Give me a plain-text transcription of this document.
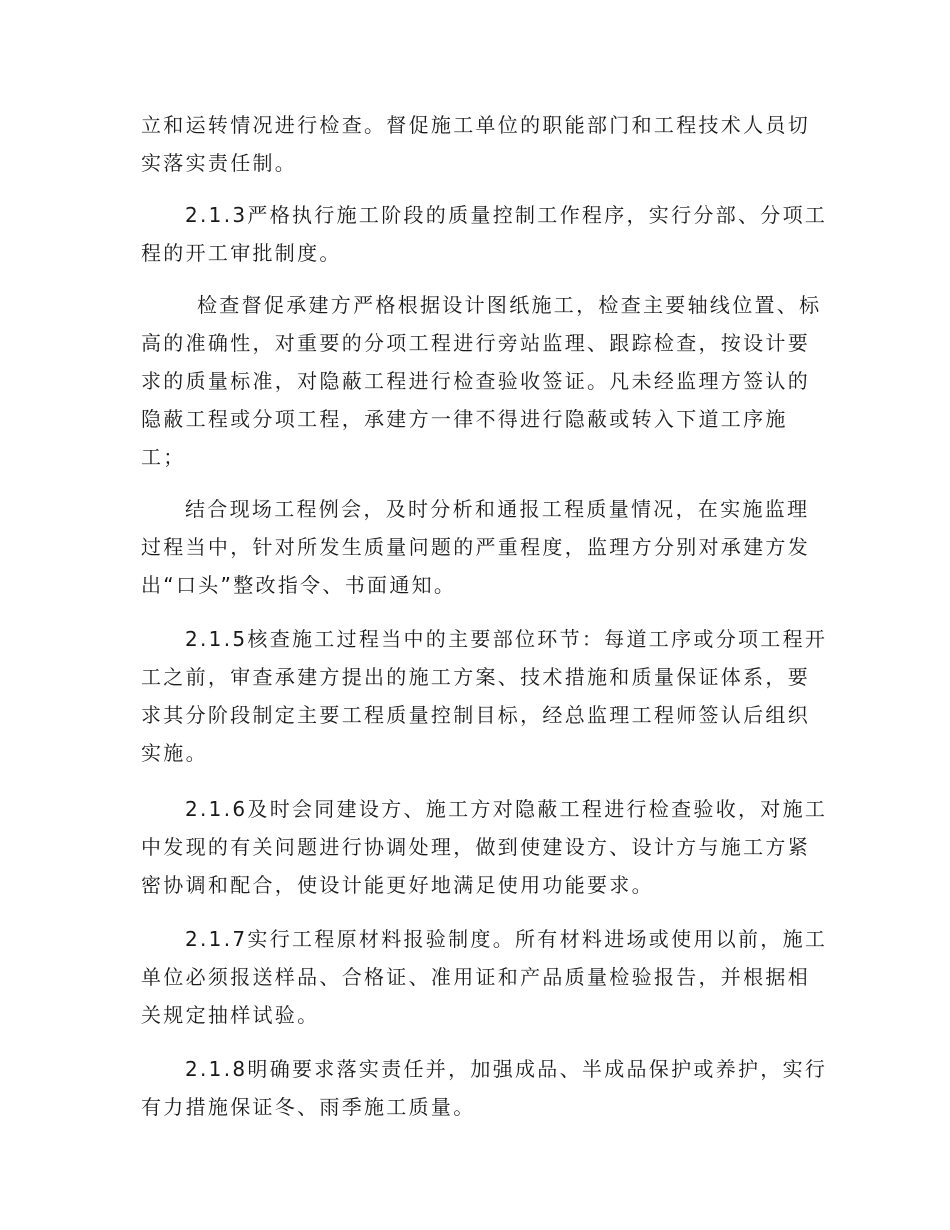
立和运转情况进行检查。督促施工单位的职能部门和工程技术人员切
实落实责任制。
2.1.3严格执行施工阶段的质量控制工作程序，实行分部、分项工
程的开工审批制度。
检查督促承建方严格根据设计图纸施工，检查主要轴线位置、标
高的准确性，对重要的分项工程进行旁站监理、跟踪检查，按设计要
求的质量标准，对隐蔽工程进行检查验收签证。凡未经监理方签认的
隐蔽工程或分项工程，承建方一律不得进行隐蔽或转入下道工序施
工；
结合现场工程例会，及时分析和通报工程质量情况，在实施监理
过程当中，针对所发生质量问题的严重程度，监理方分别对承建方发
出“口头”整改指令、书面通知。
2.1.5核查施工过程当中的主要部位环节：每道工序或分项工程开
工之前，审查承建方提出的施工方案、技术措施和质量保证体系，要
求其分阶段制定主要工程质量控制目标，经总监理工程师签认后组织
实施。
2.1.6及时会同建设方、施工方对隐蔽工程进行检查验收，对施工
中发现的有关问题进行协调处理，做到使建设方、设计方与施工方紧
密协调和配合，使设计能更好地满足使用功能要求。
2.1.7实行工程原材料报验制度。所有材料进场或使用以前，施工
单位必须报送样品、合格证、准用证和产品质量检验报告，并根据相
关规定抽样试验。
2.1.8明确要求落实责任并，加强成品、半成品保护或养护，实行
有力措施保证冬、雨季施工质量。
